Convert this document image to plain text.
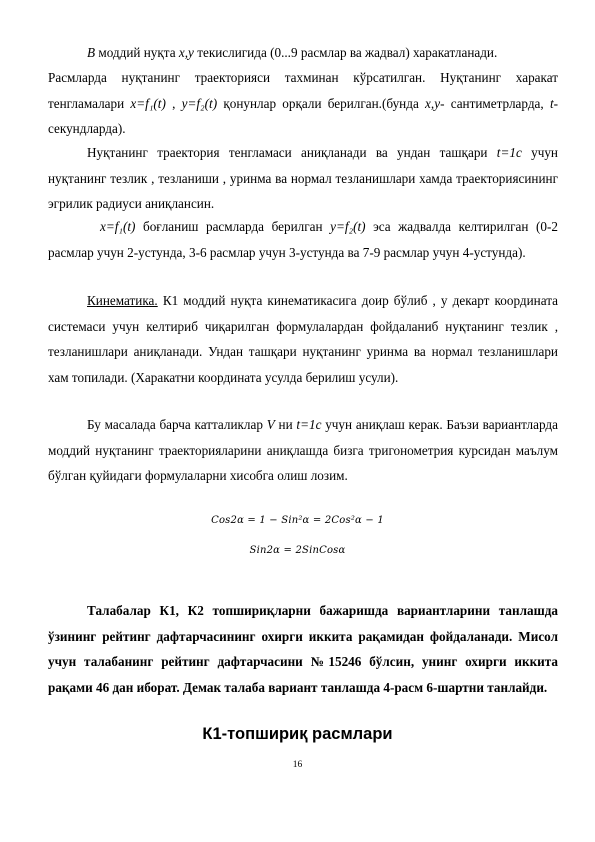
B моддий нуқта x,y текислигида (0...9 расмлар ва жадвал) харакатланади.
Расмларда нуқтанинг траекторияси тахминан кўрсатилган. Нуқтанинг харакат тенгламалари x=f₁(t) , y=f₂(t) қонунлар орқали берилган.(бунда x,y- сантиметрларда, t- секундларда).
Нуқтанинг траектория тенгламаси аниқланади ва ундан ташқари t=1c учун нуқтанинг тезлик , тезланиши , уринма ва нормал тезланишлари хамда траекториясининг эгрилик радиуси аниқлансин.
x=f₁(t) боғланиш расмларда берилган y=f₂(t) эса жадвалда келтирилган (0-2 расмлар учун 2-устунда, 3-6 расмлар учун 3-устунда ва 7-9 расмлар учун 4-устунда).
Кинематика. К1 моддий нуқта кинематикасига доир бўлиб , у декарт координата системаси учун келтириб чиқарилган формулалардан фойдаланиб нуқтанинг тезлик , тезланишлари аниқланади. Ундан ташқари нуқтанинг уринма ва нормал тезланишлари хам топилади. (Харакатни координата усулда берилиш усули).
Бу масалада барча катталиклар V ни t=1c учун аниқлаш керак. Баъзи вариантларда моддий нуқтанинг траекторияларини аниқлашда бизга тригонометрия курсидан маълум бўлган қуйидаги формулаларни хисобга олиш лозим.
Cos2α = 1 − Sin²α = 2Cos²α − 1
Sin2α = 2SinCosα
Талабалар К1, К2 топшириқларни бажаришда вариантларини танлашда ўзининг рейтинг дафтарчасининг охирги иккита рақамидан фойдаланади. Мисол учун талабанинг рейтинг дафтарчасини №15246 бўлсин, унинг охирги иккита рақами 46 дан иборат. Демак талаба вариант танлашда 4-расм 6-шартни танлайди.
К1-топшириқ расмлари
16
